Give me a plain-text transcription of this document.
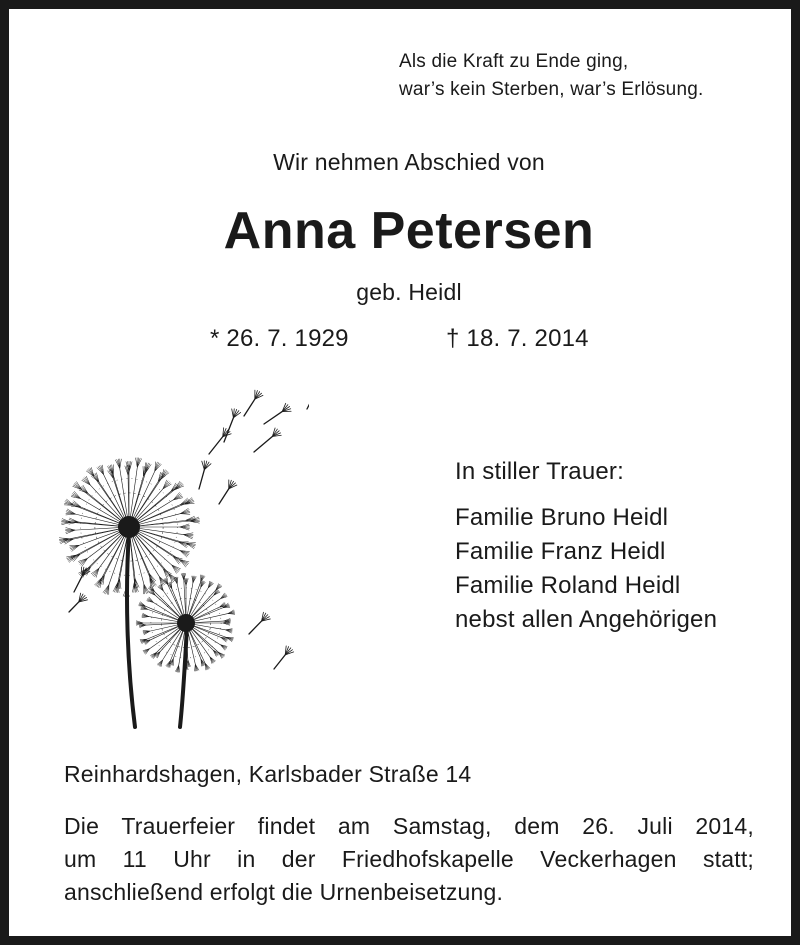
Als die Kraft zu Ende ging,
war’s kein Sterben, war’s Erlösung.

Wir nehmen Abschied von

Anna Petersen

geb. Heidl

* 26. 7. 1929	† 18. 7. 2014

In stiller Trauer:

Familie Bruno Heidl
Familie Franz Heidl
Familie Roland Heidl
nebst allen Angehörigen

Reinhardshagen, Karlsbader Straße 14

Die Trauerfeier findet am Samstag, dem 26. Juli 2014,
um 11 Uhr in der Friedhofskapelle Veckerhagen statt;
anschließend erfolgt die Urnenbeisetzung.
